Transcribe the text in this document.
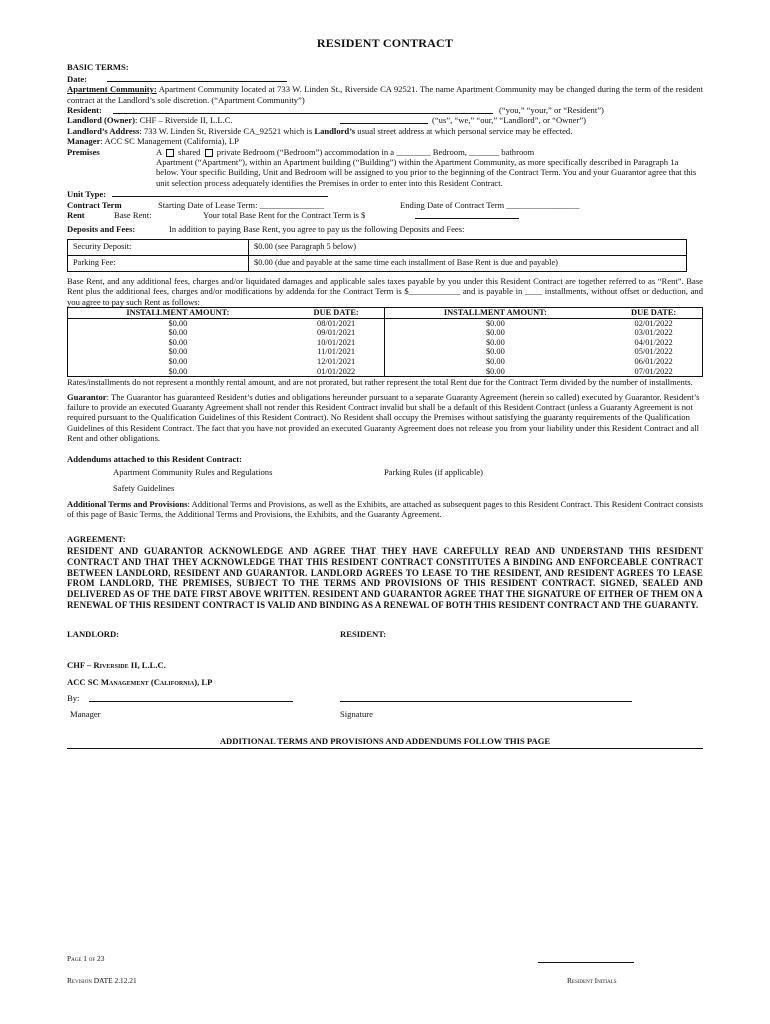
RESIDENT CONTRACT
BASIC TERMS:
Date:
Apartment Community: Apartment Community located at 733 W. Linden St., Riverside CA 92521. The name Apartment Community may be changed during the term of the resident contract at the Landlord’s sole discretion. (“Apartment Community”)
Resident:	(“you,” “your,” or “Resident”)
Landlord (Owner): CHF – Riverside II, L.L.C.	(“us”, “we,” “our,” “Landlord”, or “Owner”)
Landlord’s Address: 733 W. Linden St, Riverside CA_92521 which is Landlord’s usual street address at which personal service may be effected.
Manager: ACC SC Management (California), LP
Premises	A shared private Bedroom (“Bedroom”) accommodation in a ________ Bedroom, _______ bathroom
Apartment (“Apartment”), within an Apartment building (“Building”) within the Apartment Community, as more specifically described in Paragraph 1a below. Your specific Building, Unit and Bedroom will be assigned to you prior to the beginning of the Contract Term. You and your Guarantor agree that this unit selection process adequately identifies the Premises in order to enter into this Resident Contract.
Unit Type:
Contract Term	Starting Date of Lease Term: _______________	Ending Date of Contract Term _________________
Rent	Base Rent:	Your total Base Rent for the Contract Term is $
Deposits and Fees:	In addition to paying Base Rent, you agree to pay us the following Deposits and Fees:
Security Deposit:	$0.00 (see Paragraph 5 below)
Parking Fee:	$0.00 (due and payable at the same time each installment of Base Rent is due and payable)
Base Rent, and any additional fees, charges and/or liquidated damages and applicable sales taxes payable by you under this Resident Contract are together referred to as “Rent”. Base Rent plus the additional fees, charges and/or modifications by addenda for the Contract Term is $____________ and is payable in ____ installments, without offset or deduction, and you agree to pay such Rent as follows:
INSTALLMENT AMOUNT:	DUE DATE:	INSTALLMENT AMOUNT:	DUE DATE:
$0.00	08/01/2021	$0.00	02/01/2022
$0.00	09/01/2021	$0.00	03/01/2022
$0.00	10/01/2021	$0.00	04/01/2022
$0.00	11/01/2021	$0.00	05/01/2022
$0.00	12/01/2021	$0.00	06/01/2022
$0.00	01/01/2022	$0.00	07/01/2022
Rates/installments do not represent a monthly rental amount, and are not prorated, but rather represent the total Rent due for the Contract Term divided by the number of installments.
Guarantor: The Guarantor has guaranteed Resident’s duties and obligations hereunder pursuant to a separate Guaranty Agreement (herein so called) executed by Guarantor. Resident’s failure to provide an executed Guaranty Agreement shall not render this Resident Contract invalid but shall be a default of this Resident Contract (unless a Guaranty Agreement is not required pursuant to the Qualification Guidelines of this Resident Contract). No Resident shall occupy the Premises without satisfying the guaranty requirements of the Qualification Guidelines of this Resident Contract. The fact that you have not provided an executed Guaranty Agreement does not release you from your liability under this Resident Contract and all Rent and other obligations.
Addendums attached to this Resident Contract:
Apartment Community Rules and Regulations	Parking Rules (if applicable)
Safety Guidelines
Additional Terms and Provisions: Additional Terms and Provisions, as well as the Exhibits, are attached as subsequent pages to this Resident Contract. This Resident Contract consists of this page of Basic Terms, the Additional Terms and Provisions, the Exhibits, and the Guaranty Agreement.
AGREEMENT:
RESIDENT AND GUARANTOR ACKNOWLEDGE AND AGREE THAT THEY HAVE CAREFULLY READ AND UNDERSTAND THIS RESIDENT CONTRACT AND THAT THEY ACKNOWLEDGE THAT THIS RESIDENT CONTRACT CONSTITUTES A BINDING AND ENFORCEABLE CONTRACT BETWEEN LANDLORD, RESIDENT AND GUARANTOR. LANDLORD AGREES TO LEASE TO THE RESIDENT, AND RESIDENT AGREES TO LEASE FROM LANDLORD, THE PREMISES, SUBJECT TO THE TERMS AND PROVISIONS OF THIS RESIDENT CONTRACT. SIGNED, SEALED AND DELIVERED AS OF THE DATE FIRST ABOVE WRITTEN. RESIDENT AND GUARANTOR AGREE THAT THE SIGNATURE OF EITHER OF THEM ON A RENEWAL OF THIS RESIDENT CONTRACT IS VALID AND BINDING AS A RENEWAL OF BOTH THIS RESIDENT CONTRACT AND THE GUARANTY.
LANDLORD:	RESIDENT:
CHF – Riverside II, L.L.C.
ACC SC Management (California), LP
By:
Manager	Signature
ADDITIONAL TERMS AND PROVISIONS AND ADDENDUMS FOLLOW THIS PAGE
Page 1 of 23
Revision DATE 2.12.21	Resident Initials
